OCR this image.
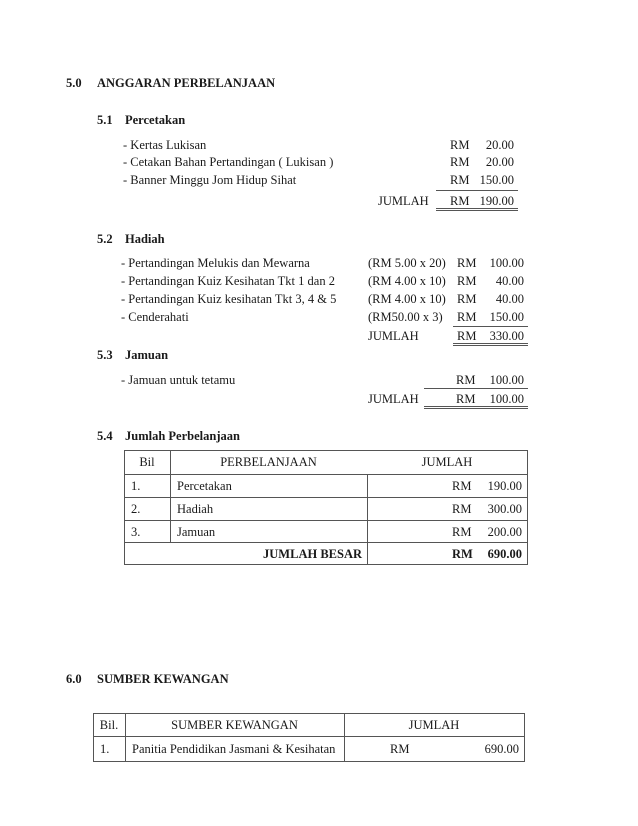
5.0 ANGGARAN PERBELANJAAN
5.1 Percetakan
- Kertas Lukisan	RM	20.00
- Cetakan Bahan Pertandingan ( Lukisan )	RM	20.00
- Banner Minggu Jom Hidup Sihat	RM 150.00
JUMLAH RM 190.00
5.2 Hadiah
- Pertandingan Melukis dan Mewarna	(RM 5.00 x 20) RM	100.00
- Pertandingan Kuiz Kesihatan Tkt 1 dan 2	(RM 4.00 x 10) RM	40.00
- Pertandingan Kuiz kesihatan Tkt 3, 4 & 5	(RM 4.00 x 10) RM	40.00
- Cenderahati	(RM50.00 x 3) RM	150.00
JUMLAH	RM	330.00
5.3 Jamuan
- Jamuan untuk tetamu	RM	100.00
JUMLAH	RM	100.00
5.4 Jumlah Perbelanjaan
Bil	PERBELANJAAN	JUMLAH
1.	Percetakan	RM	190.00
2.	Hadiah	RM	300.00
3.	Jamuan	RM	200.00
JUMLAH BESAR	RM	690.00
6.0 SUMBER KEWANGAN
Bil.	SUMBER KEWANGAN	JUMLAH
1. Panitia Pendidikan Jasmani & Kesihatan	RM	690.00
